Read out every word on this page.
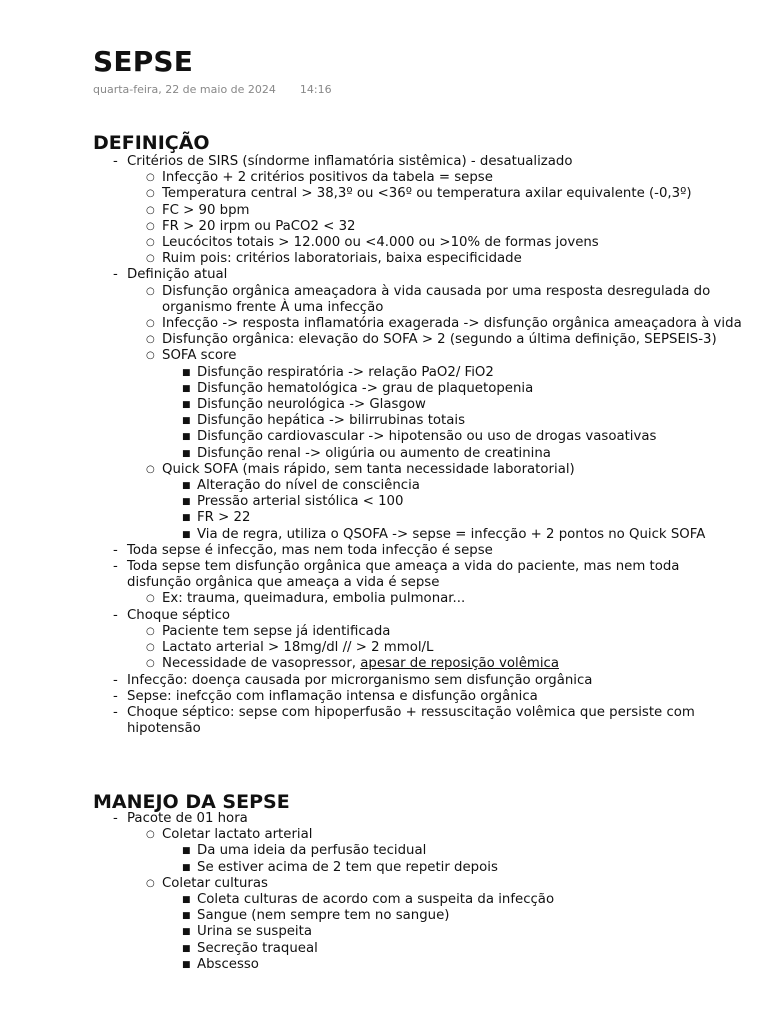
SEPSE
quarta-feira, 22 de maio de 2024 14:16
DEFINIÇÃO
- Critérios de SIRS (síndorme inflamatória sistêmica) - desatualizado
○ Infecção + 2 critérios positivos da tabela = sepse
○ Temperatura central > 38,3º ou <36º ou temperatura axilar equivalente (-0,3º)
○ FC > 90 bpm
○ FR > 20 irpm ou PaCO2 < 32
○ Leucócitos totais > 12.000 ou <4.000 ou >10% de formas jovens
○ Ruim pois: critérios laboratoriais, baixa especificidade
- Definição atual
○ Disfunção orgânica ameaçadora à vida causada por uma resposta desregulada do organismo frente À uma infecção
○ Infecção -> resposta inflamatória exagerada -> disfunção orgânica ameaçadora à vida
○ Disfunção orgânica: elevação do SOFA > 2 (segundo a última definição, SEPSEIS-3)
○ SOFA score
■ Disfunção respiratória -> relação PaO2/ FiO2
■ Disfunção hematológica -> grau de plaquetopenia
■ Disfunção neurológica -> Glasgow
■ Disfunção hepática -> bilirrubinas totais
■ Disfunção cardiovascular -> hipotensão ou uso de drogas vasoativas
■ Disfunção renal -> oligúria ou aumento de creatinina
○ Quick SOFA (mais rápido, sem tanta necessidade laboratorial)
■ Alteração do nível de consciência
■ Pressão arterial sistólica < 100
■ FR > 22
■ Via de regra, utiliza o QSOFA -> sepse = infecção + 2 pontos no Quick SOFA
- Toda sepse é infecção, mas nem toda infecção é sepse
- Toda sepse tem disfunção orgânica que ameaça a vida do paciente, mas nem toda disfunção orgânica que ameaça a vida é sepse
○ Ex: trauma, queimadura, embolia pulmonar...
- Choque séptico
○ Paciente tem sepse já identificada
○ Lactato arterial > 18mg/dl // > 2 mmol/L
○ Necessidade de vasopressor, apesar de reposição volêmica
- Infecção: doença causada por microrganismo sem disfunção orgânica
- Sepse: inefcção com inflamação intensa e disfunção orgânica
- Choque séptico: sepse com hipoperfusão + ressuscitação volêmica que persiste com hipotensão
MANEJO DA SEPSE
- Pacote de 01 hora
○ Coletar lactato arterial
■ Da uma ideia da perfusão tecidual
■ Se estiver acima de 2 tem que repetir depois
○ Coletar culturas
■ Coleta culturas de acordo com a suspeita da infecção
■ Sangue (nem sempre tem no sangue)
■ Urina se suspeita
■ Secreção traqueal
■ Abscesso
